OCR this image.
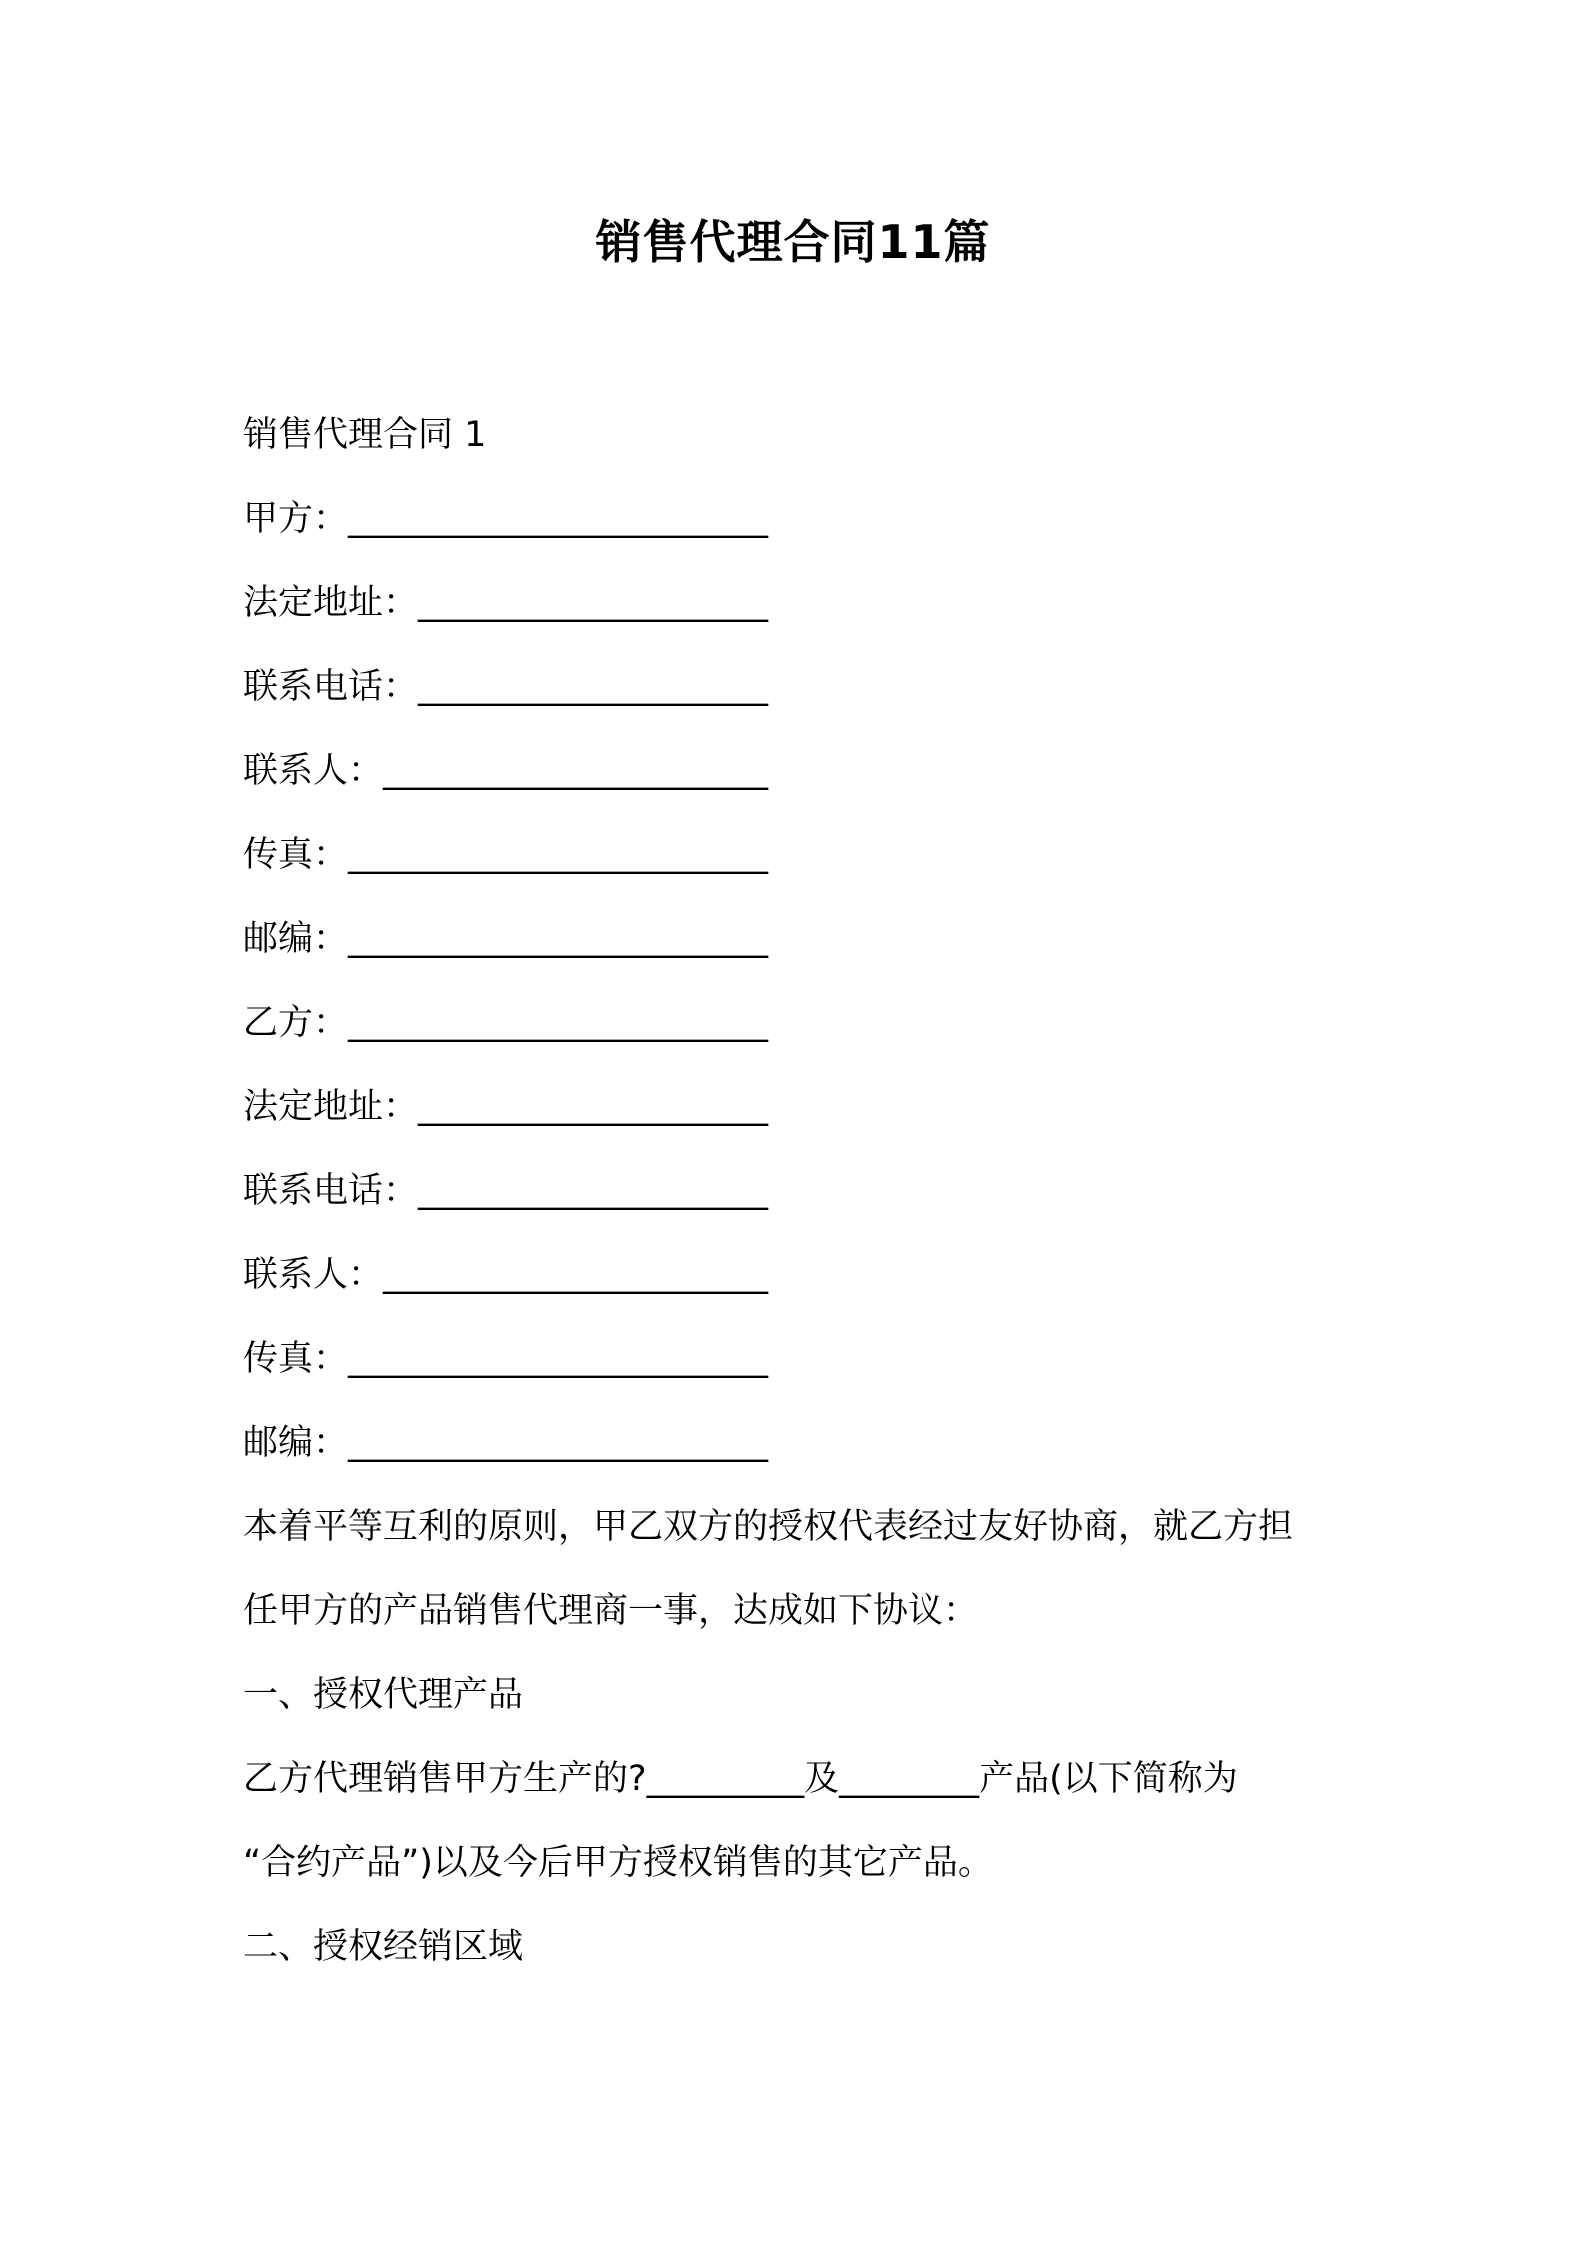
销售代理合同11篇

销售代理合同 1

甲方：________________________

法定地址：____________________

联系电话：____________________

联系人：______________________

传真：________________________

邮编：________________________

乙方：________________________

法定地址：____________________

联系电话：____________________

联系人：______________________

传真：________________________

邮编：________________________

本着平等互利的原则，甲乙双方的授权代表经过友好协商，就乙方担

任甲方的产品销售代理商一事，达成如下协议：

一、授权代理产品

乙方代理销售甲方生产的?_________及________产品(以下简称为

“合约产品”)以及今后甲方授权销售的其它产品。

二、授权经销区域
